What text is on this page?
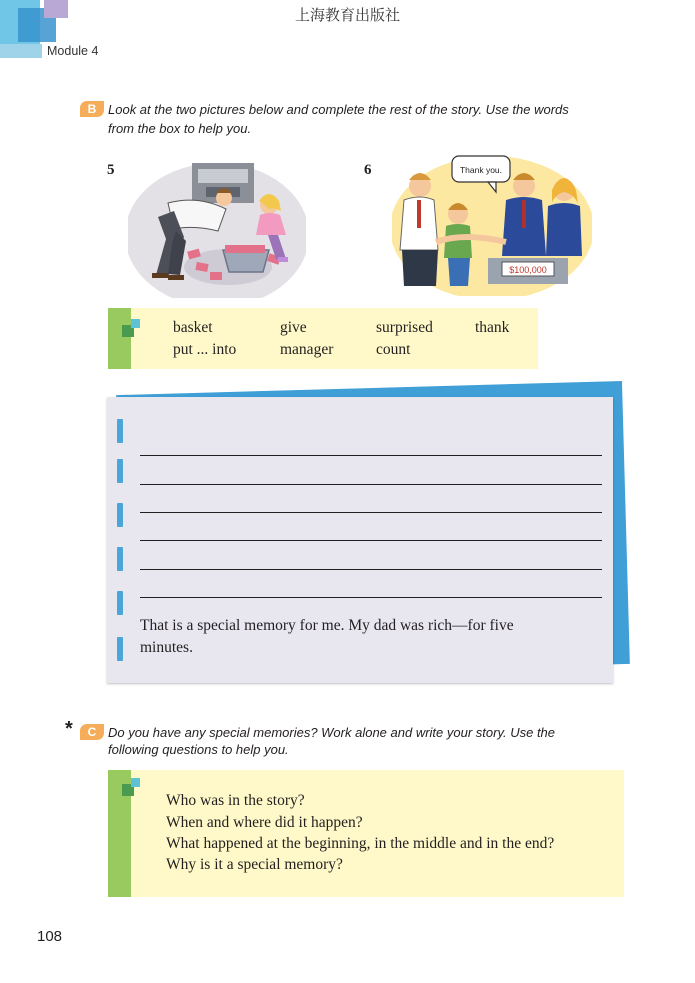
上海教育出版社
Module 4
B Look at the two pictures below and complete the rest of the story. Use the words
from the box to help you.
5	6	Thank you.
$100,000
basket	give	surprised	thank
put ... into	manager	count
That is a special memory for me. My dad was rich—for five
minutes.
*	C Do you have any special memories? Work alone and write your story. Use the
following questions to help you.
Who was in the story?
When and where did it happen?
What happened at the beginning, in the middle and in the end?
Why is it a special memory?
108
